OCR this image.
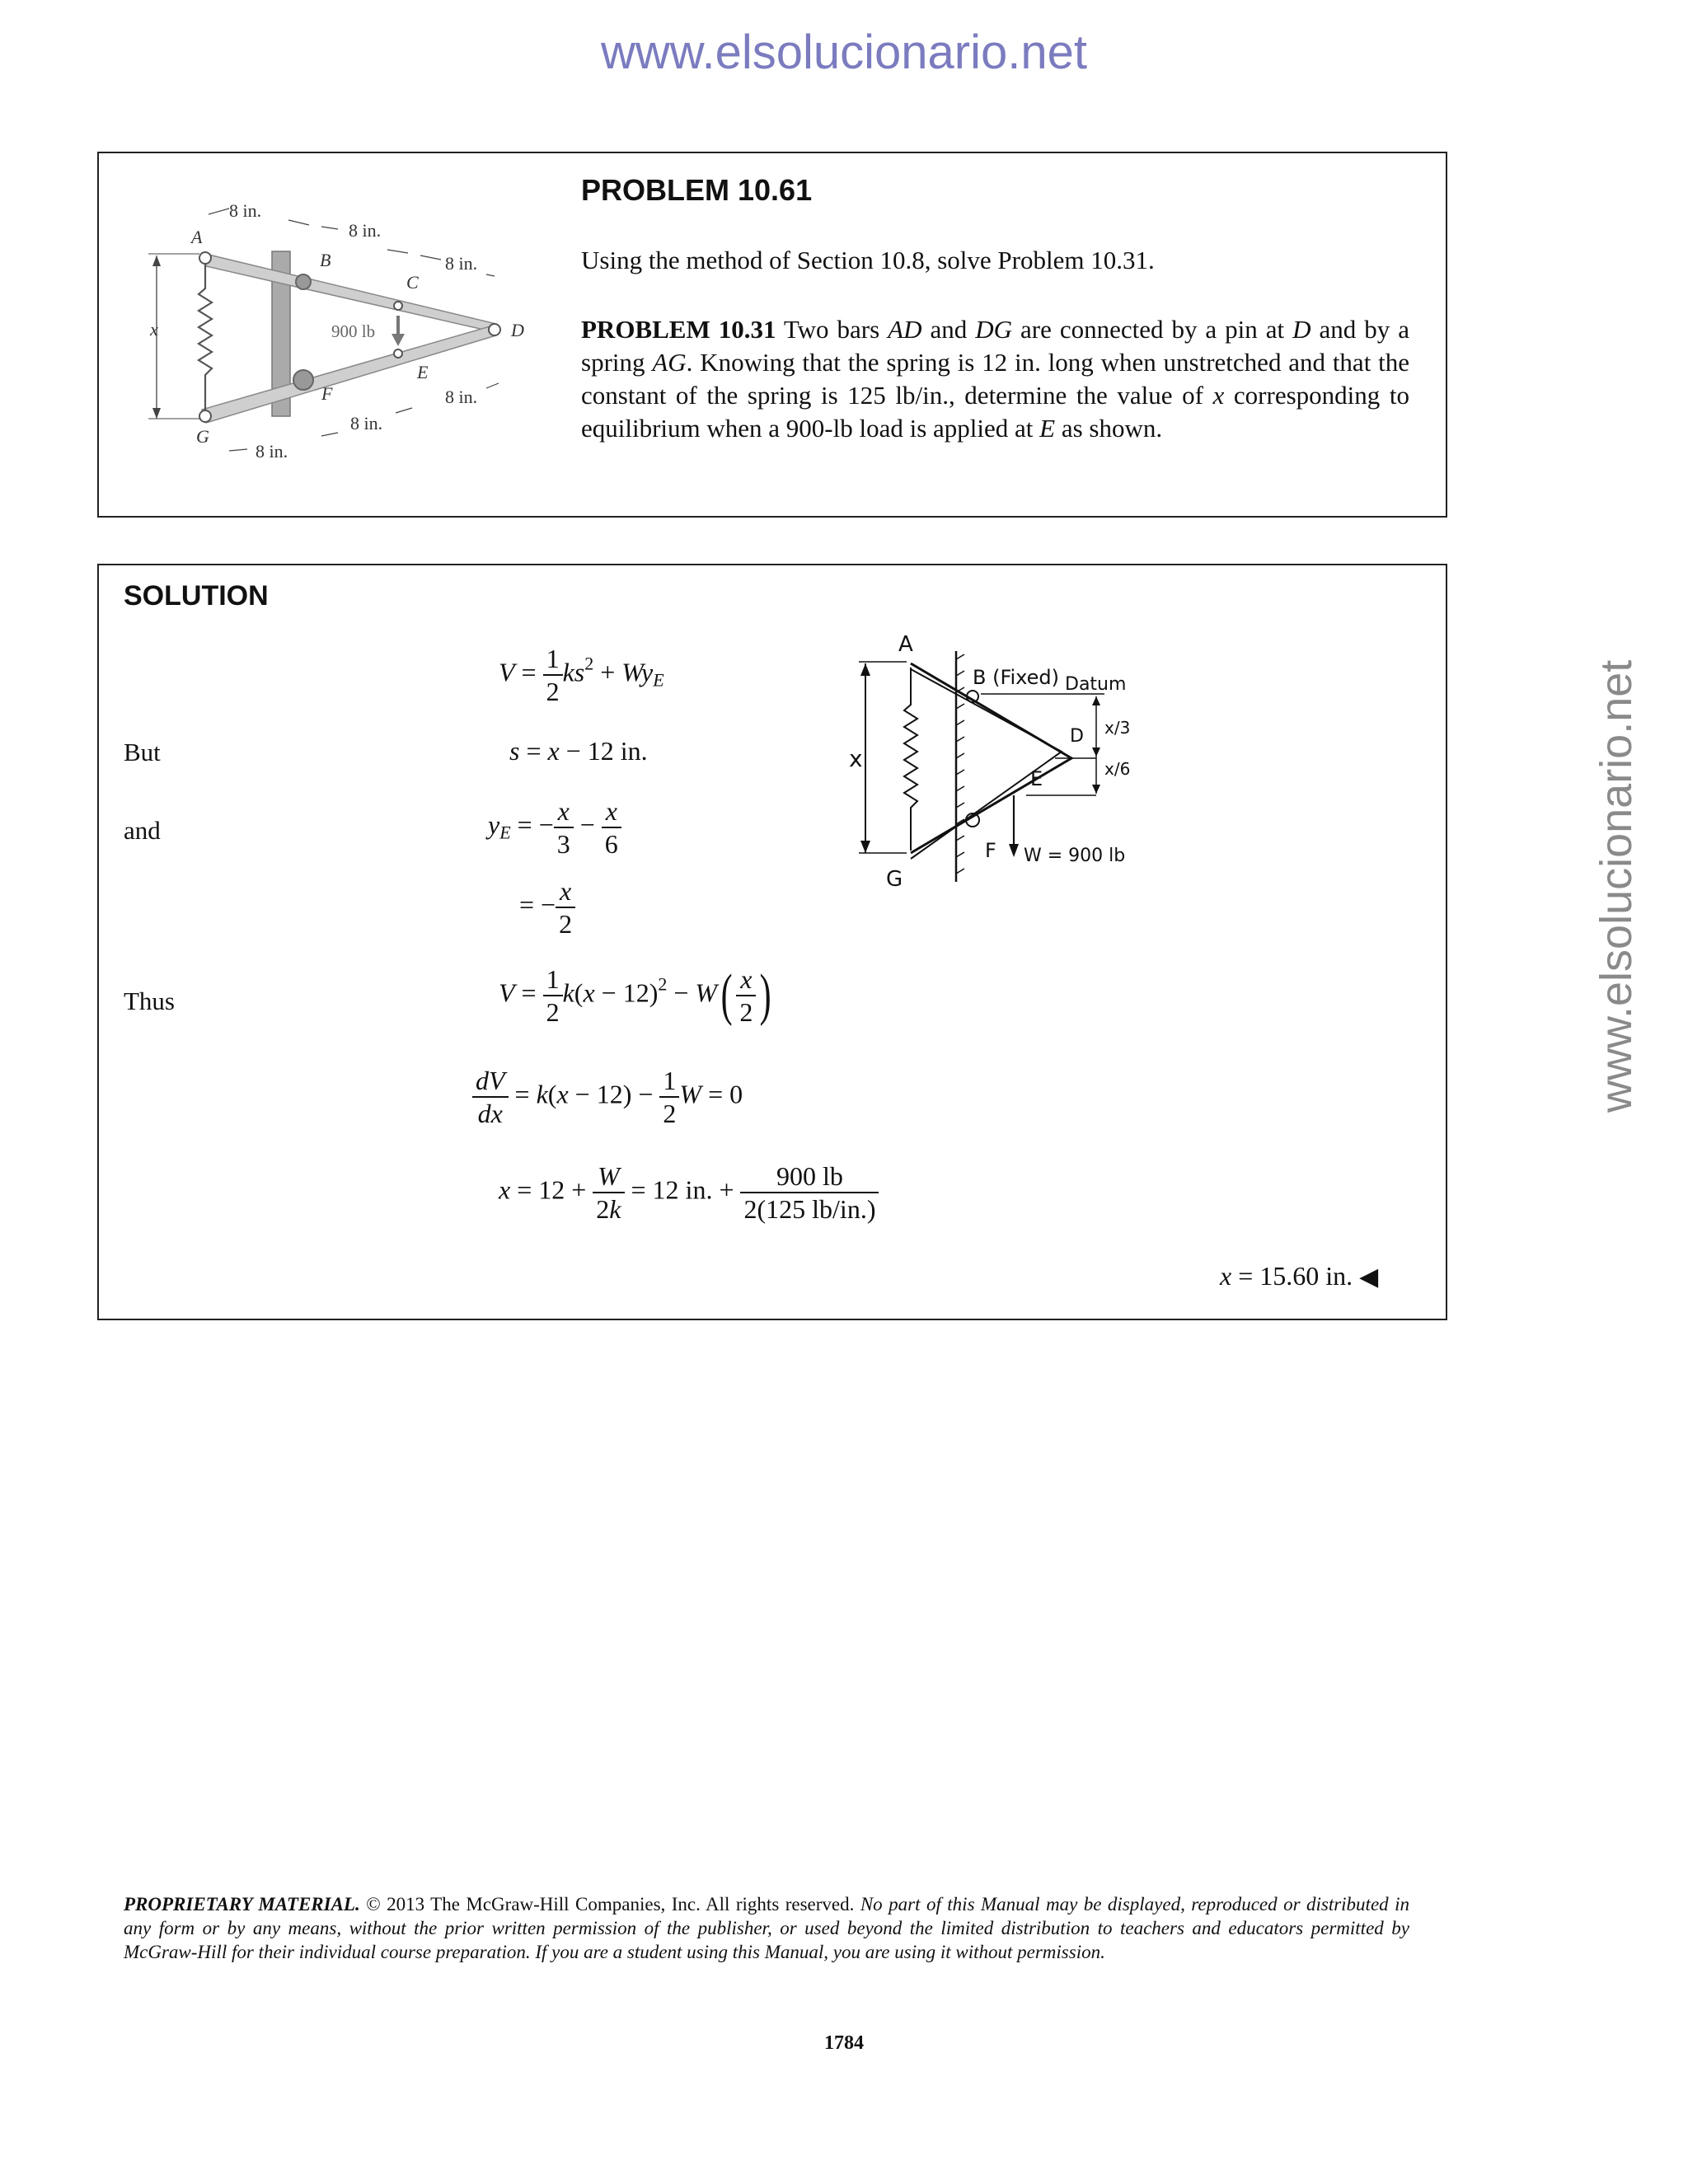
www.elsolucionario.net
www.elsolucionario.net
A
B
C
D
E
F
G
x	900 lb
8 in.
8 in.
8 in.
8 in.
8 in.
8 in.
PROBLEM 10.61
Using the method of Section 10.8, solve Problem 10.31.
PROBLEM 10.31 Two bars AD and DG are connected by a pin at D and by a spring AG. Knowing that the spring is 12 in. long when unstretched and that the constant of the spring is 125 lb/in., determine the value of x corresponding to equilibrium when a 900-lb load is applied at E as shown.
SOLUTION
$V = \frac{1}{2} ks^2 + Wy_E$
But	s = x − 12 in.
and	$y_E$ = − $\frac{x}{3} - \frac{x}{6}$
= − $\frac{x}{2}$
Thus	$V = \frac{1}{2} k(x - 12)^2 - W( \frac{x}{2}$ )
$\frac{dV}{dx} = k(x - 12) - \frac{1}{2}$ W = 0
$x = 12 + \frac{W}{2k} = 12$ in. + $\frac{900 lb}{2(125 lb/in.)}$
x = 15.60 in. ◀
A
B (Fixed) Datum
D x/3
x/6
E
x
F W = 900 lb
G
PROPRIETARY MATERIAL. © 2013 The McGraw-Hill Companies, Inc. All rights reserved. No part of this Manual may be displayed, reproduced or distributed in any form or by any means, without the prior written permission of the publisher, or used beyond the limited distribution to teachers and educators permitted by McGraw-Hill for their individual course preparation. If you are a student using this Manual, you are using it without permission.
1784
